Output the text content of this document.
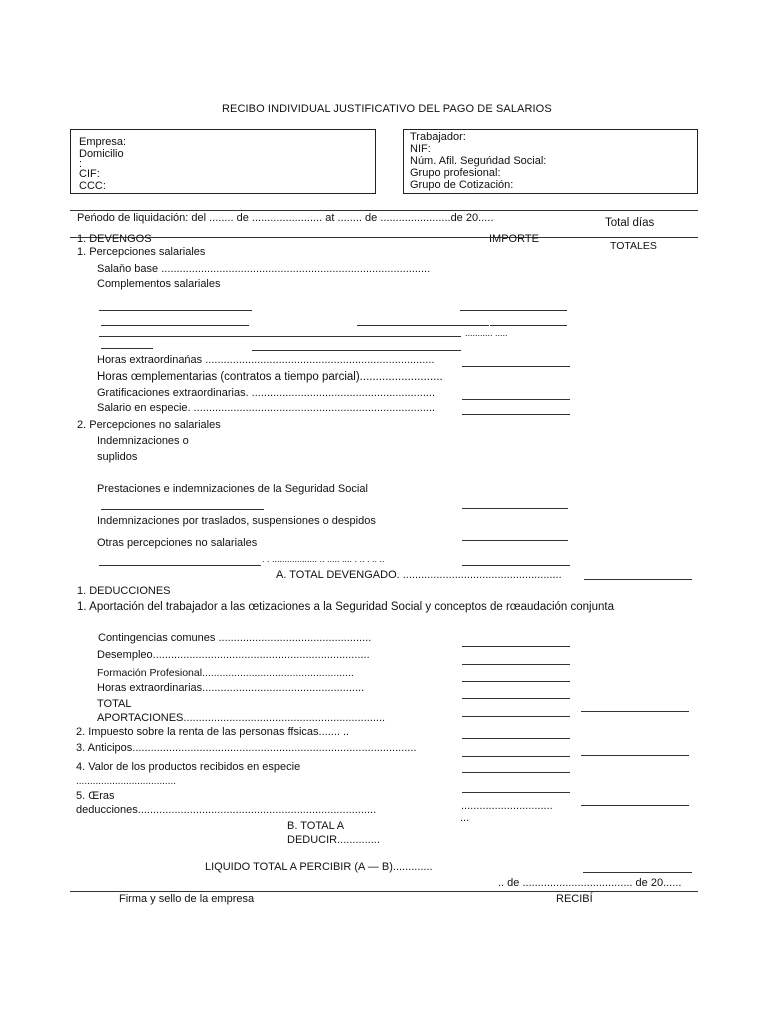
RECIBO INDIVIDUAL JUSTIFICATIVO DEL PAGO DE SALARIOS
Empresa:
Domicilio
:
CIF:
CCC:
Trabajador:
NIF:
Núm. Afil. Seguńdad Social:
Grupo profesional:
Grupo de Cotización:
Peńodo de liquidación: del ........ de ....................... at ........ de .......................de 20.....	Total días
1. DEVENGOS	IMPORTE
TOTALES
1. Percepciones salariales
Salaňo base ........................................................................................
Complementos salariales
........... .....
Horas extraordinańas ...........................................................................
Horas œmplementarias (contratos a tiempo parcial)..........................
Gratificaciones extraordinarias. ............................................................
Salario en especie. ...............................................................................
2. Percepciones no salariales
Indemnizaciones o
suplidos
Prestaciones e indemnizaciones de la Seguridad Social
Indemnizaciones por traslados, suspensiones o despidos
Otras percepciones no salariales
. . .................. .. ..... .... . .. . .. ..
A. TOTAL DEVENGADO. ....................................................
1. DEDUCCIONES
1. Aportación del trabajador a las œtizaciones a la Seguridad Social y conceptos de rœaudación conjunta
Contingencias comunes ..................................................
Desempleo.......................................................................
Formación Profesional....................................................
Horas extraordinarias.....................................................
TOTAL
APORTACIONES..................................................................
2. Impuesto sobre la renta de las personas ffsicas....... ..
3. Anticipos.............................................................................................
4. Valor de los productos recibidos en especie
....................................
5. Œras
deducciones..............................................................................	..............................
...
B. TOTAL A
DEDUCIR..............
LIQUIDO TOTAL A PERCIBIR (A — B).............
.. de .................................... de 20......
Firma y sello de la empresa	RECIBÍ
